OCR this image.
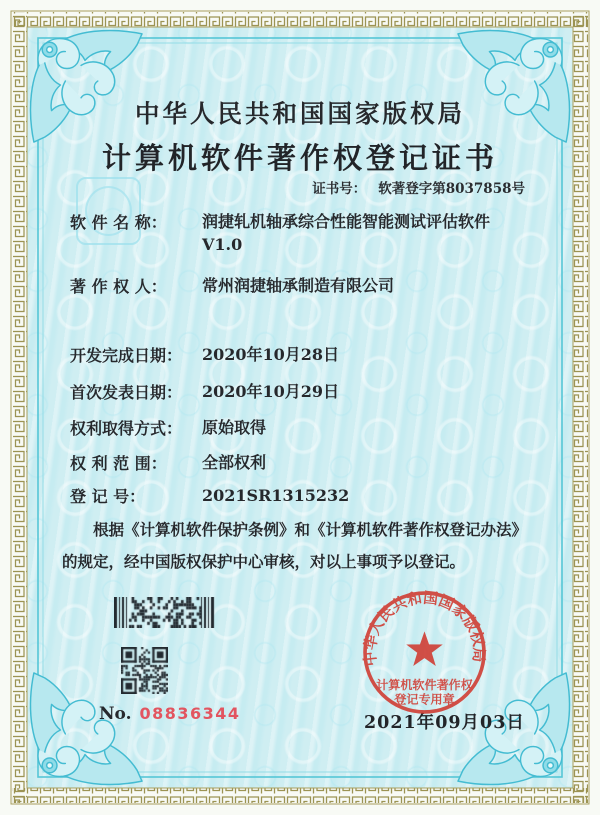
中华人民共和国国家版权局
计算机软件著作权登记证书
证书号： 软著登字第8037858号
软 件 名 称：	润捷轧机轴承综合性能智能测试评估软件
V1.0
著 作 权 人：	常州润捷轴承制造有限公司
开发完成日期：	2020年10月28日
首次发表日期：	2020年10月29日
权利取得方式：	原始取得
权 利 范 围：	全部权利
登 记 号：	2021SR1315232

根据《计算机软件保护条例》和《计算机软件著作权登记办法》的规定，经中国版权保护中心审核，对以上事项予以登记。

No. 08836344	2021年09月03日
中华人民共和国国家版权局
计算机软件著作权
登记专用章
